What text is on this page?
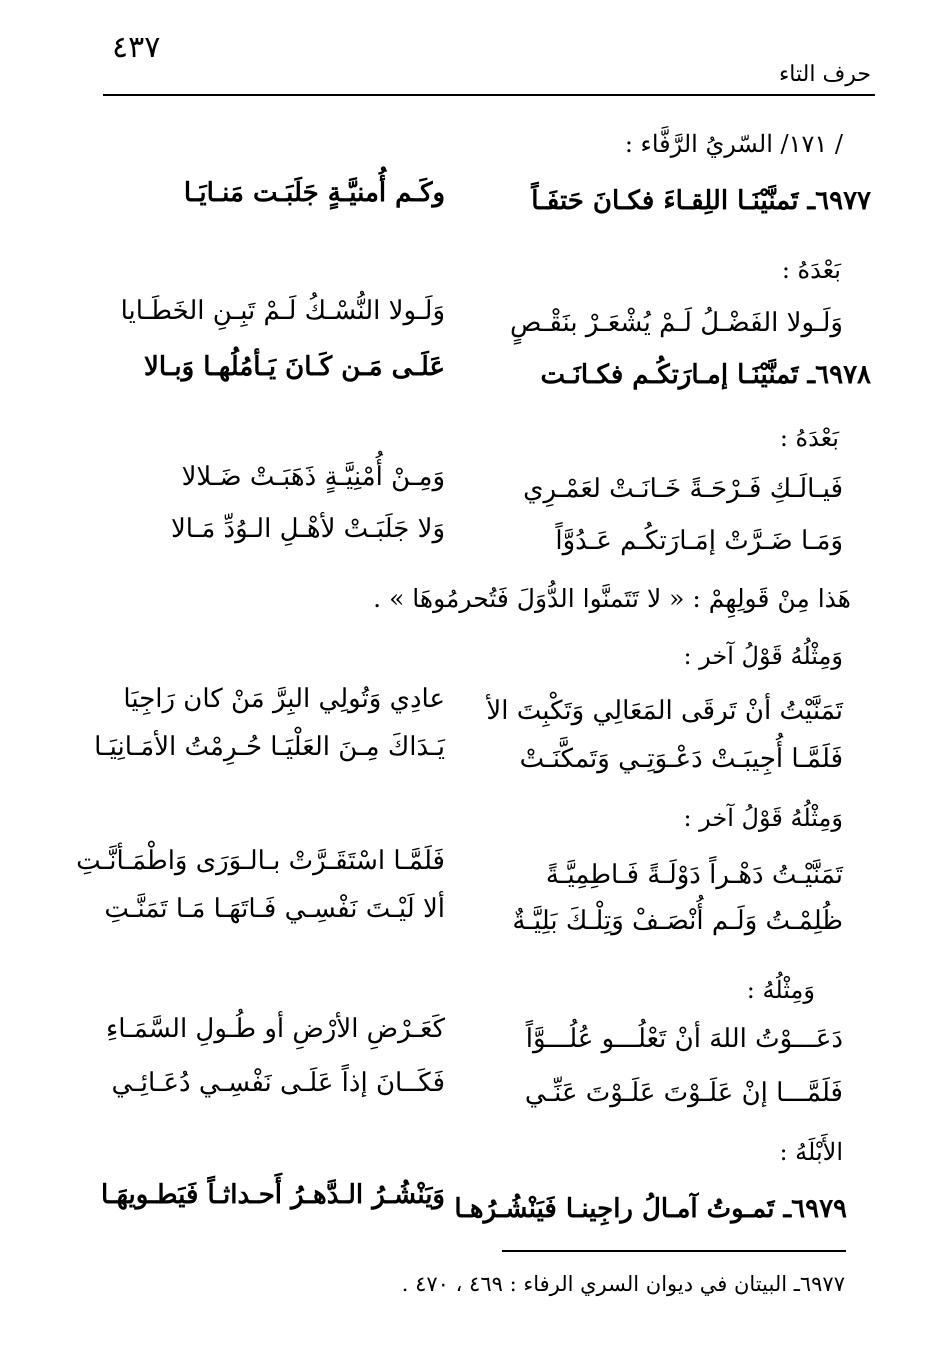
٤٣٧
حرف التاء
/ ١٧١/ السّريُ الرَّفَّاء :
٦٩٧٧ـ تَمنَّيْنَـا اللِقـاءَ فكـانَ حَتفَـاً
وكَـم أُمنيَّـةٍ جَلَبَـت مَنـايَـا
بَعْدَهُ :
وَلَـولا الفَضْـلُ لَـمْ يُشْعَـرْ بنَقْـصٍ
وَلَـولا النُّسْـكُ لَـمْ تَبِـنِ الخَطَـايا
٦٩٧٨ـ تَمنَّيْنَـا إمـارَتكُـم فكـانَـت
عَلَـى مَـن كَـانَ يَـأمُلُهـا وَبـالا
بَعْدَهُ :
فَيـالَـكِ فَـرْحَـةً خَـانَـتْ لعَمْـرِي
وَمِـنْ أُمْنِيَّـةٍ ذَهَبَـتْ ضَـلالا
وَمَـا ضَـرَّتْ إمَـارَتكُـم عَـدُوَّاً
وَلا جَلَبَـتْ لأهْـلِ الـوُدِّ مَـالا
هَذا مِنْ قَولِهِمْ : « لا تَتَمنَّوا الدُّوَلَ فَتُحرمُوهَا » .
وَمِثْلُهُ قَوْلُ آخر :
تَمَنَّيْتُ أنْ تَرقَى المَعَالِي وَتَكْبِتَ الأ
عادِي وَتُولِي البِرَّ مَنْ كان رَاجِيَا
فَلَمَّـا أُجِيبَـتْ دَعْـوَتِـي وَتَمكَّنَـتْ
يَـدَاكَ مِـنَ العَلْيَـا حُـرِمْتُ الأمَـانِيَـا
وَمِثْلُهُ قَوْلُ آخر :
تَمَنَّيْـتُ دَهْـراً دَوْلَـةً فَـاطِمِيَّـةً
فَلَمَّـا اسْتَقَـرَّتْ بـالـوَرَى وَاطْمَـأنَّـتِ
ظُلِمْـتُ وَلَـم أُنْصَـفْ وَتِلْـكَ بَلِيَّـةٌ
ألا لَيْـتَ نَفْسِـي فَـاتَهَـا مَـا تَمَنَّـتِ
وَمِثْلُهُ :
دَعَـــوْتُ اللهَ أنْ تَعْلُـــو عُلُـــوَّاً
كَعَـرْضِ الأرْضِ أو طُـولِ السَّمَـاءِ
فَلَمَّـــا إنْ عَلَـوْتَ عَلَـوْتَ عَنِّـي
فَكَــانَ إذاً عَلَـى نَفْسِـي دُعَـائِـي
الأَبْلَهُ :
٦٩٧٩ـ تَمـوتُ آمـالُ راجِينـا فَيَنْشُـرُهـا
وَيَنْشُـرُ الـدَّهـرُ أَحـداثـاً فَيَطـويهَـا
٦٩٧٧ـ البيتان في ديوان السري الرفاء : ٤٦٩ ، ٤٧٠ .
